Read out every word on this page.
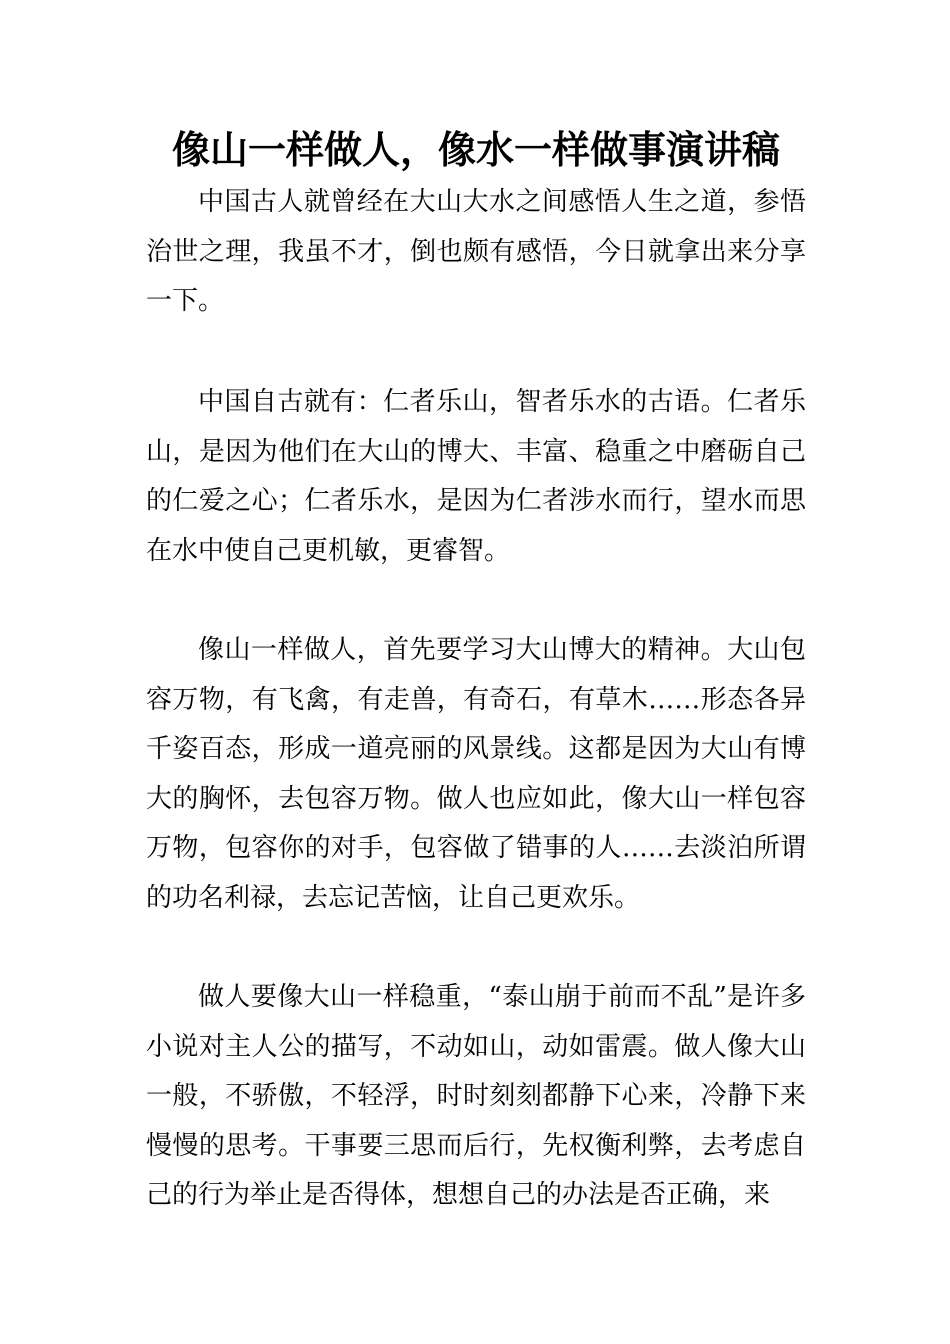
像山一样做人，像水一样做事演讲稿

中国古人就曾经在大山大水之间感悟人生之道，参悟治世之理，我虽不才，倒也颇有感悟，今日就拿出来分享一下。

中国自古就有：仁者乐山，智者乐水的古语。仁者乐山，是因为他们在大山的博大、丰富、稳重之中磨砺自己的仁爱之心；仁者乐水，是因为仁者涉水而行，望水而思在水中使自己更机敏，更睿智。

像山一样做人，首先要学习大山博大的精神。大山包容万物，有飞禽，有走兽，有奇石，有草木……形态各异千姿百态，形成一道亮丽的风景线。这都是因为大山有博大的胸怀，去包容万物。做人也应如此，像大山一样包容万物，包容你的对手，包容做了错事的人……去淡泊所谓的功名利禄，去忘记苦恼，让自己更欢乐。

做人要像大山一样稳重，“泰山崩于前而不乱”是许多小说对主人公的描写，不动如山，动如雷震。做人像大山一般，不骄傲，不轻浮，时时刻刻都静下心来，冷静下来慢慢的思考。干事要三思而后行，先权衡利弊，去考虑自己的行为举止是否得体，想想自己的办法是否正确，来
